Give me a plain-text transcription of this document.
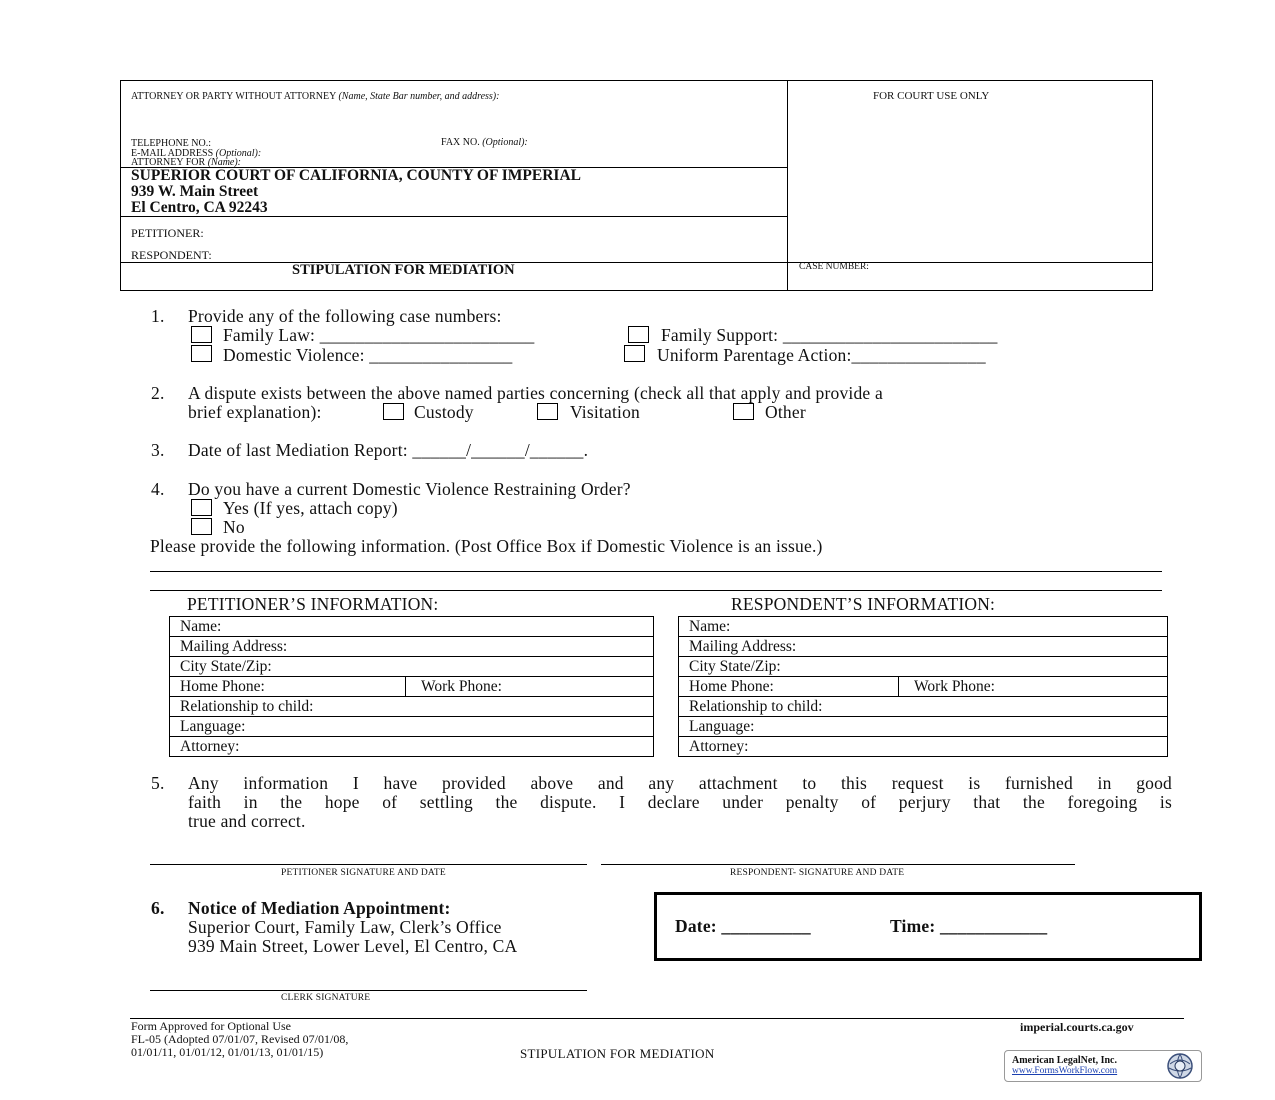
ATTORNEY OR PARTY WITHOUT ATTORNEY (Name, State Bar number, and address):	FOR COURT USE ONLY
TELEPHONE NO.:	FAX NO. (Optional):
E-MAIL ADDRESS (Optional):
ATTORNEY FOR (Name):
SUPERIOR COURT OF CALIFORNIA, COUNTY OF IMPERIAL
939 W. Main Street
El Centro, CA 92243
PETITIONER:
RESPONDENT:
STIPULATION FOR MEDIATION	CASE NUMBER:
1. Provide any of the following case numbers:
Family Law: ________________________	Family Support: ________________________
Domestic Violence: ________________	Uniform Parentage Action:_______________
2. A dispute exists between the above named parties concerning (check all that apply and provide a
brief explanation):	Custody	Visitation	Other
3. Date of last Mediation Report: ______/______/______.
4. Do you have a current Domestic Violence Restraining Order?
Yes (If yes, attach copy)
No
Please provide the following information. (Post Office Box if Domestic Violence is an issue.)
PETITIONER’S INFORMATION:	RESPONDENT’S INFORMATION:
Name:
Mailing Address:
City State/Zip:
Home Phone:	Work Phone:
Relationship to child:
Language:
Attorney:
Name:
Mailing Address:
City State/Zip:
Home Phone:	Work Phone:
Relationship to child:
Language:
Attorney:
5. Any information I have provided above and any attachment to this request is furnished in good
faith in the hope of settling the dispute. I declare under penalty of perjury that the foregoing is
true and correct.
PETITIONER SIGNATURE AND DATE	RESPONDENT- SIGNATURE AND DATE
6. Notice of Mediation Appointment:
Superior Court, Family Law, Clerk’s Office
939 Main Street, Lower Level, El Centro, CA
Date: __________	Time: ____________
CLERK SIGNATURE
Form Approved for Optional Use
FL-05 (Adopted 07/01/07, Revised 07/01/08,
01/01/11, 01/01/12, 01/01/13, 01/01/15)	STIPULATION FOR MEDIATION
imperial.courts.ca.gov
American LegalNet, Inc.
www.FormsWorkFlow.com
